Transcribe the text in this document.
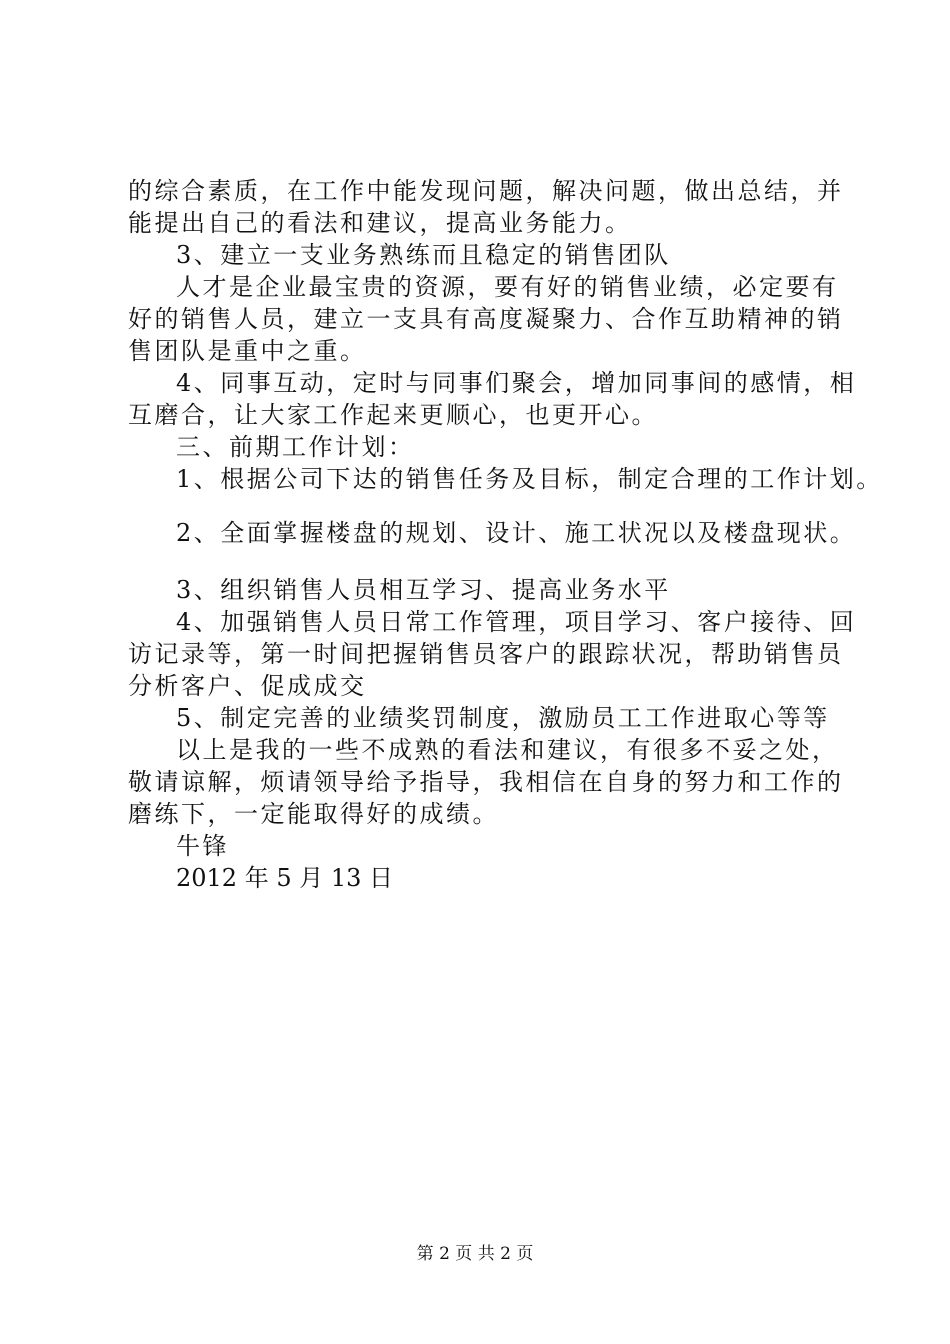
的综合素质，在工作中能发现问题，解决问题，做出总结，并
能提出自己的看法和建议，提高业务能力。
3、建立一支业务熟练而且稳定的销售团队
人才是企业最宝贵的资源，要有好的销售业绩，必定要有
好的销售人员，建立一支具有高度凝聚力、合作互助精神的销
售团队是重中之重。
4、同事互动，定时与同事们聚会，增加同事间的感情，相
互磨合，让大家工作起来更顺心，也更开心。
三、前期工作计划：
1、根据公司下达的销售任务及目标，制定合理的工作计划。
2、全面掌握楼盘的规划、设计、施工状况以及楼盘现状。
3、组织销售人员相互学习、提高业务水平
4、加强销售人员日常工作管理，项目学习、客户接待、回
访记录等，第一时间把握销售员客户的跟踪状况，帮助销售员
分析客户、促成成交
5、制定完善的业绩奖罚制度，激励员工工作进取心等等
以上是我的一些不成熟的看法和建议，有很多不妥之处，
敬请谅解，烦请领导给予指导，我相信在自身的努力和工作的
磨练下，一定能取得好的成绩。
牛锋
2012 年 5 月 13 日
第 2 页 共 2 页
